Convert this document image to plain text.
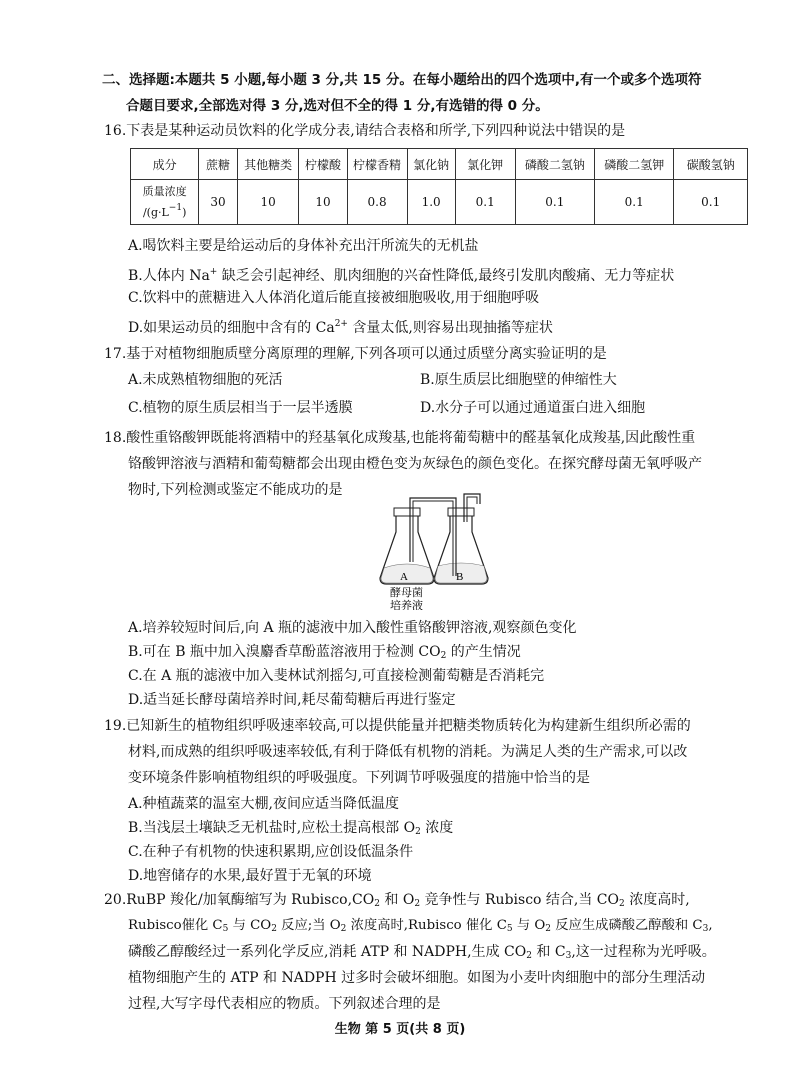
二、选择题:本题共 5 小题,每小题 3 分,共 15 分。在每小题给出的四个选项中,有一个或多个选项符
合题目要求,全部选对得 3 分,选对但不全的得 1 分,有选错的得 0 分。
16.下表是某种运动员饮料的化学成分表,请结合表格和所学,下列四种说法中错误的是
成分	蔗糖	其他糖类	柠檬酸	柠檬香精	氯化钠	氯化钾	磷酸二氢钠	磷酸二氢钾	碳酸氢钠
质量浓度
$/(g\cdot L^{-1})$	30	10	10	0.8	1.0	0.1	0.1	0.1	0.1
A.喝饮料主要是给运动后的身体补充出汗所流失的无机盐
B.人体内 Na+ 缺乏会引起神经、肌肉细胞的兴奋性降低,最终引发肌肉酸痛、无力等症状
C.饮料中的蔗糖进入人体消化道后能直接被细胞吸收,用于细胞呼吸
D.如果运动员的细胞中含有的 $Ca^{2+}$ 含量太低,则容易出现抽搐等症状
17.基于对植物细胞质壁分离原理的理解,下列各项可以通过质壁分离实验证明的是
A.未成熟植物细胞的死活	B.原生质层比细胞壁的伸缩性大
C.植物的原生质层相当于一层半透膜	D.水分子可以通过通道蛋白进入细胞
18.酸性重铬酸钾既能将酒精中的羟基氧化成羧基,也能将葡萄糖中的醛基氧化成羧基,因此酸性重
铬酸钾溶液与酒精和葡萄糖都会出现由橙色变为灰绿色的颜色变化。在探究酵母菌无氧呼吸产
物时,下列检测或鉴定不能成功的是
A	B
酵母菌
培养液
A.培养较短时间后,向 A 瓶的滤液中加入酸性重铬酸钾溶液,观察颜色变化
B.可在 B 瓶中加入溴麝香草酚蓝溶液用于检测 $CO_2$ 的产生情况
C.在 A 瓶的滤液中加入斐林试剂摇匀,可直接检测葡萄糖是否消耗完
D.适当延长酵母菌培养时间,耗尽葡萄糖后再进行鉴定
19.已知新生的植物组织呼吸速率较高,可以提供能量并把糖类物质转化为构建新生组织所必需的
材料,而成熟的组织呼吸速率较低,有利于降低有机物的消耗。为满足人类的生产需求,可以改
变环境条件影响植物组织的呼吸强度。下列调节呼吸强度的措施中恰当的是
A.种植蔬菜的温室大棚,夜间应适当降低温度
B.当浅层土壤缺乏无机盐时,应松土提高根部 $O_2$ 浓度
C.在种子有机物的快速积累期,应创设低温条件
D.地窖储存的水果,最好置于无氧的环境
20.RuBP 羧化/加氧酶缩写为 $Rubisco,CO_2$ 和 $O_2$ 竞争性与 Rubisco 结合,当 $CO_2$ 浓度高时,
Rubisco催化 $C_5$ 与 $CO_2$ 反应;当 $O_2$ 浓度高时,Rubisco 催化 $C_5$ 与 $O_2$ 反应生成磷酸乙醇酸和 $C_3$,
磷酸乙醇酸经过一系列化学反应,消耗 ATP 和 NADPH,生成 $CO_2$ 和 $C_3$,这一过程称为光呼吸。
植物细胞产生的 ATP 和 NADPH 过多时会破坏细胞。如图为小麦叶肉细胞中的部分生理活动
过程,大写字母代表相应的物质。下列叙述合理的是
生物 第 5 页(共 8 页)
